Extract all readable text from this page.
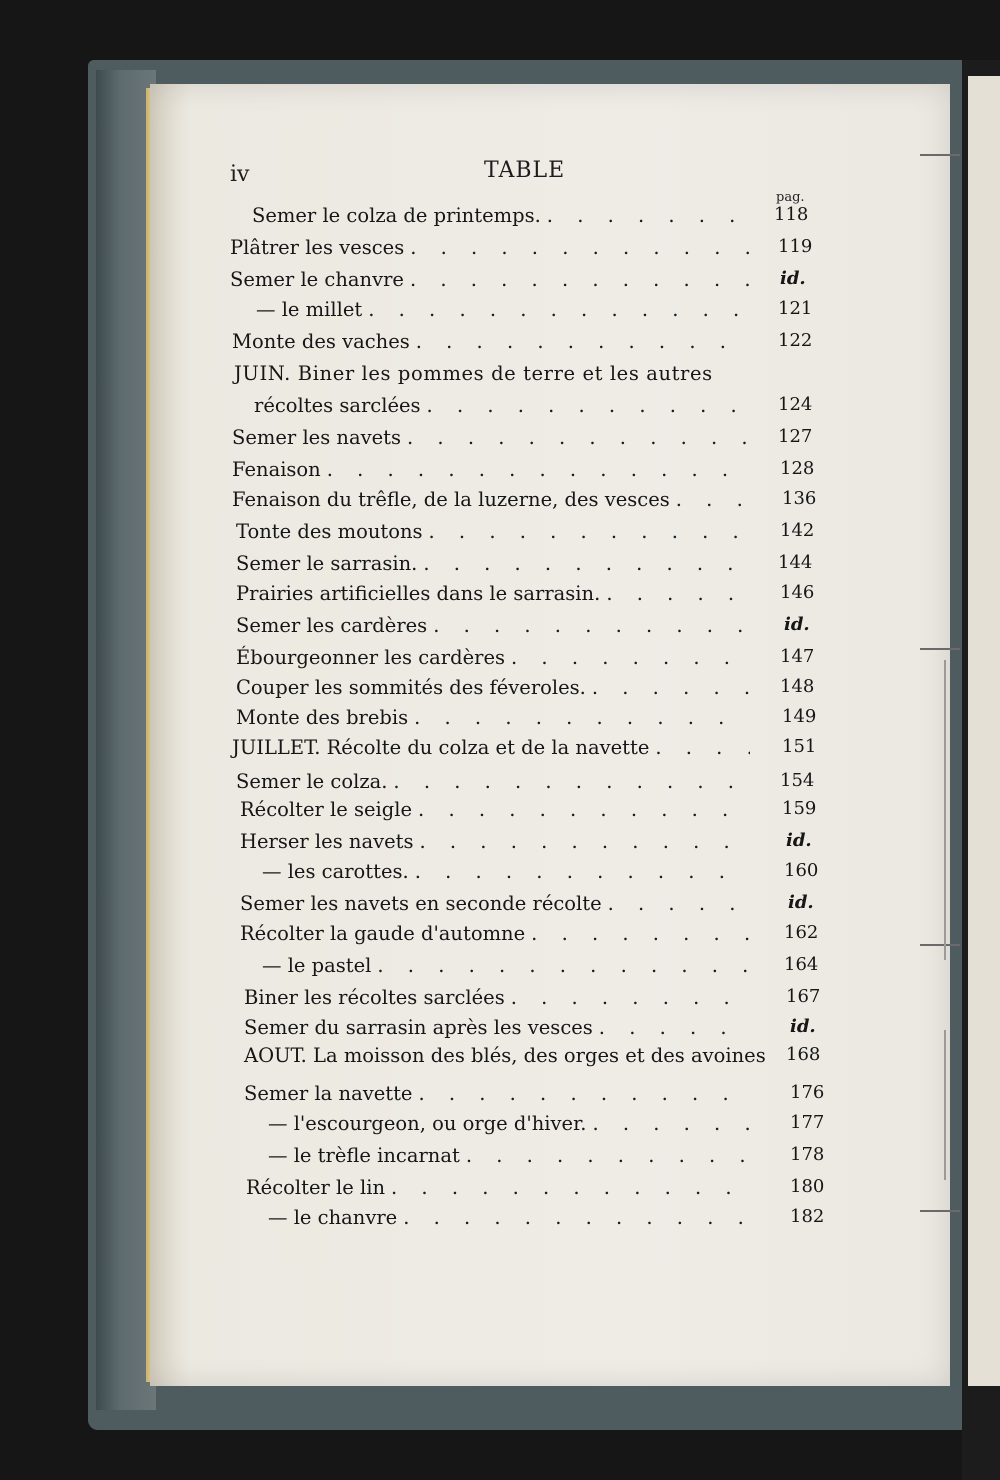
iv	TABLE
pag.
Semer le colza de printemps. . . .	118
Plâtrer les vesces . . .	119
Semer le chanvre . . .	id.
— le millet . . .	121
Monte des vaches . . .	122
JUIN. Biner les pommes de terre et les autres
récoltes sarclées . . .	124
Semer les navets . . .	127
Fenaison . . .	128
Fenaison du trêfle, de la luzerne, des vesces . . .	136
Tonte des moutons . . .	142
Semer le sarrasin. . . .	144
Prairies artificielles dans le sarrasin. . . .	146
Semer les cardères . . .	id.
Ébourgeonner les cardères . . .	147
Couper les sommités des féveroles. . . .	148
Monte des brebis . . .	149
JUILLET. Récolte du colza et de la navette . . .	151
Semer le colza. . . .	154
Récolter le seigle . . .	159
Herser les navets . . .	id.
— les carottes. . . .	160
Semer les navets en seconde récolte . . .	id.
Récolter la gaude d'automne . . .	162
— le pastel . . .	164
Biner les récoltes sarclées . . .	167
Semer du sarrasin après les vesces . . .	id.
AOUT. La moisson des blés, des orges et des avoines 168
Semer la navette . . .	176
— l'escourgeon, ou orge d'hiver. . . .	177
— le trèfle incarnat . . .	178
Récolter le lin . . .	180
— le chanvre . . .	182
